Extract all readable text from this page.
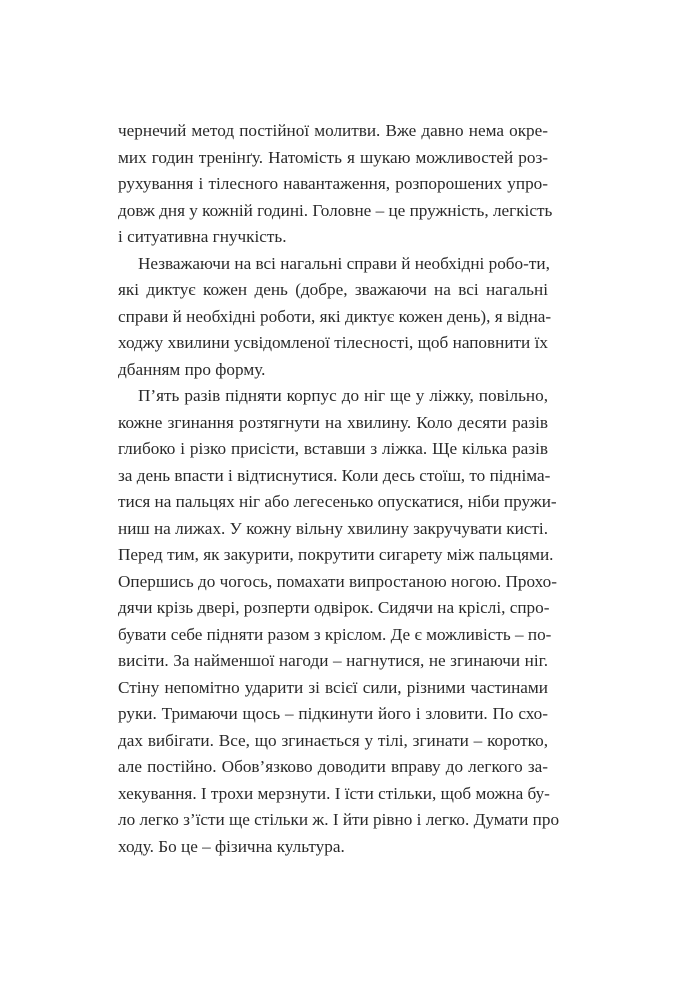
чернечий метод постійної молитви. Вже давно нема окре-
мих годин тренінґу. Натомість я шукаю можливостей роз-
рухування і тілесного навантаження, розпорошених упро-
довж дня у кожній годині. Головне – це пружність, легкість
і ситуативна гнучкість.
Незважаючи на всі нагальні справи й необхідні робо-ти,
які диктує кожен день (добре, зважаючи на всі нагальні
справи й необхідні роботи, які диктує кожен день), я відна-
ходжу хвилини усвідомленої тілесності, щоб наповнити їх
дбанням про форму.
П’ять разів підняти корпус до ніг ще у ліжку, повільно,
кожне згинання розтягнути на хвилину. Коло десяти разів
глибоко і різко присісти, вставши з ліжка. Ще кілька разів
за день впасти і відтиснутися. Коли десь стоїш, то підніма-
тися на пальцях ніг або легесенько опускатися, ніби пружи-
ниш на лижах. У кожну вільну хвилину закручувати кисті.
Перед тим, як закурити, покрутити сигарету між пальцями.
Опершись до чогось, помахати випростаною ногою. Прохо-
дячи крізь двері, розперти одвірок. Сидячи на кріслі, спро-
бувати себе підняти разом з кріслом. Де є можливість – по-
висіти. За найменшої нагоди – нагнутися, не згинаючи ніг.
Стіну непомітно ударити зі всієї сили, різними частинами
руки. Тримаючи щось – підкинути його і зловити. По схо-
дах вибігати. Все, що згинається у тілі, згинати – коротко,
але постійно. Обов’язково доводити вправу до легкого за-
хекування. І трохи мерзнути. І їсти стільки, щоб можна бу-
ло легко з’їсти ще стільки ж. І йти рівно і легко. Думати про
ходу. Бо це – фізична культура.
